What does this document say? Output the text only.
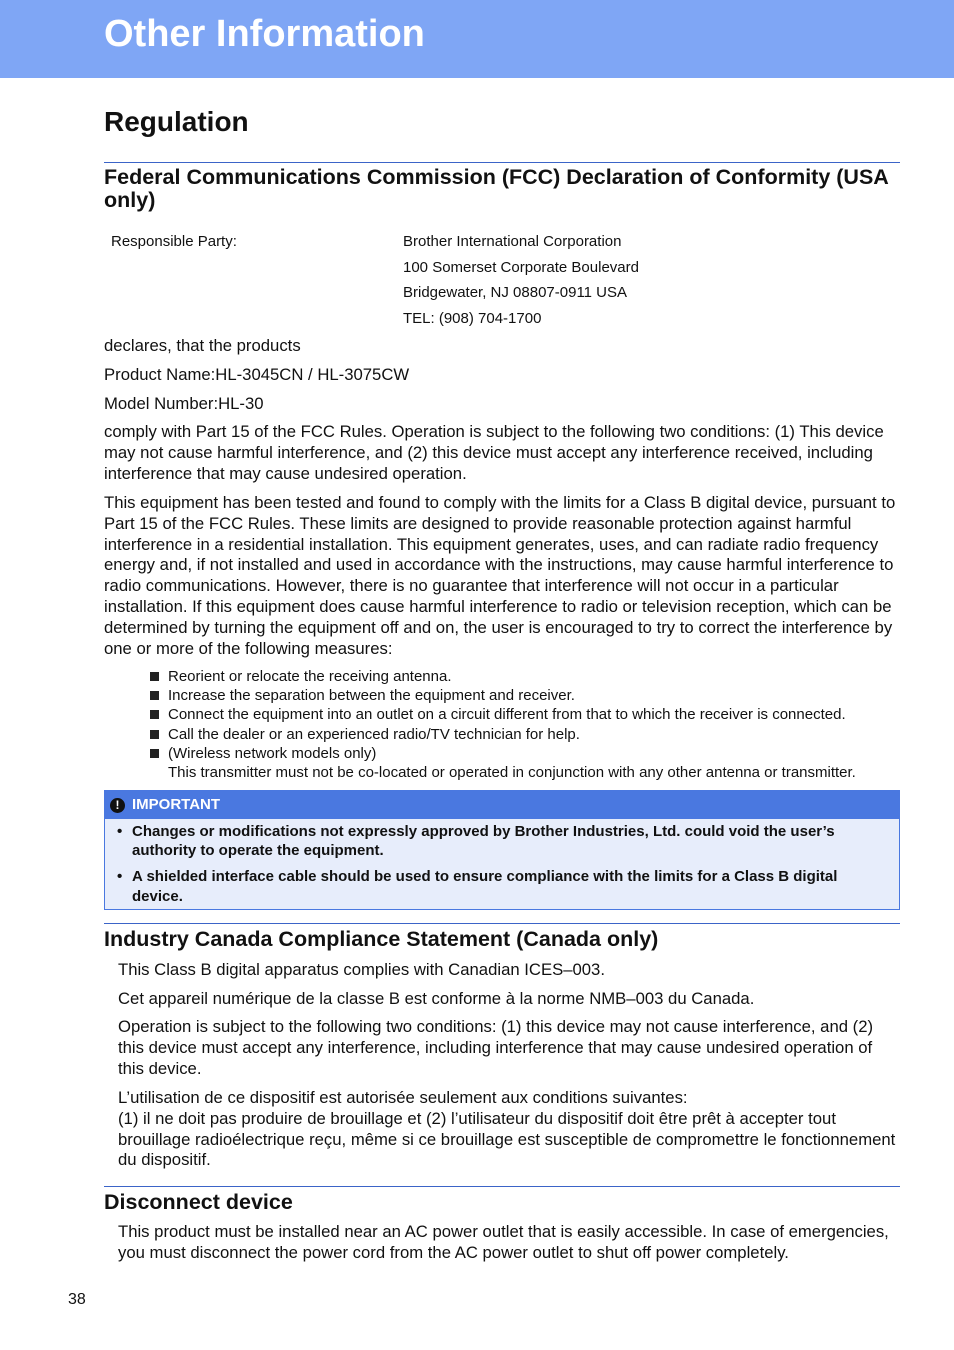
Other Information
Regulation
Federal Communications Commission (FCC) Declaration of Conformity (USA only)
Responsible Party:	Brother International Corporation
100 Somerset Corporate Boulevard
Bridgewater, NJ 08807-0911 USA
TEL: (908) 704-1700

declares, that the products

Product Name:HL-3045CN / HL-3075CW

Model Number:HL-30

comply with Part 15 of the FCC Rules. Operation is subject to the following two conditions: (1) This device may not cause harmful interference, and (2) this device must accept any interference received, including interference that may cause undesired operation.

This equipment has been tested and found to comply with the limits for a Class B digital device, pursuant to Part 15 of the FCC Rules. These limits are designed to provide reasonable protection against harmful interference in a residential installation. This equipment generates, uses, and can radiate radio frequency energy and, if not installed and used in accordance with the instructions, may cause harmful interference to radio communications. However, there is no guarantee that interference will not occur in a particular installation. If this equipment does cause harmful interference to radio or television reception, which can be determined by turning the equipment off and on, the user is encouraged to try to correct the interference by one or more of the following measures:

Reorient or relocate the receiving antenna.
Increase the separation between the equipment and receiver.
Connect the equipment into an outlet on a circuit different from that to which the receiver is connected.
Call the dealer or an experienced radio/TV technician for help.
(Wireless network models only)
This transmitter must not be co-located or operated in conjunction with any other antenna or transmitter.
! IMPORTANT
• Changes or modifications not expressly approved by Brother Industries, Ltd. could void the user’s authority to operate the equipment.
• A shielded interface cable should be used to ensure compliance with the limits for a Class B digital device.
Industry Canada Compliance Statement (Canada only)

This Class B digital apparatus complies with Canadian ICES–003.

Cet appareil numérique de la classe B est conforme à la norme NMB–003 du Canada.

Operation is subject to the following two conditions: (1) this device may not cause interference, and (2) this device must accept any interference, including interference that may cause undesired operation of this device.

L’utilisation de ce dispositif est autorisée seulement aux conditions suivantes:
(1) il ne doit pas produire de brouillage et (2) l’utilisateur du dispositif doit être prêt à accepter tout brouillage radioélectrique reçu, même si ce brouillage est susceptible de compromettre le fonctionnement du dispositif.

Disconnect device

This product must be installed near an AC power outlet that is easily accessible. In case of emergencies, you must disconnect the power cord from the AC power outlet to shut off power completely.

38
